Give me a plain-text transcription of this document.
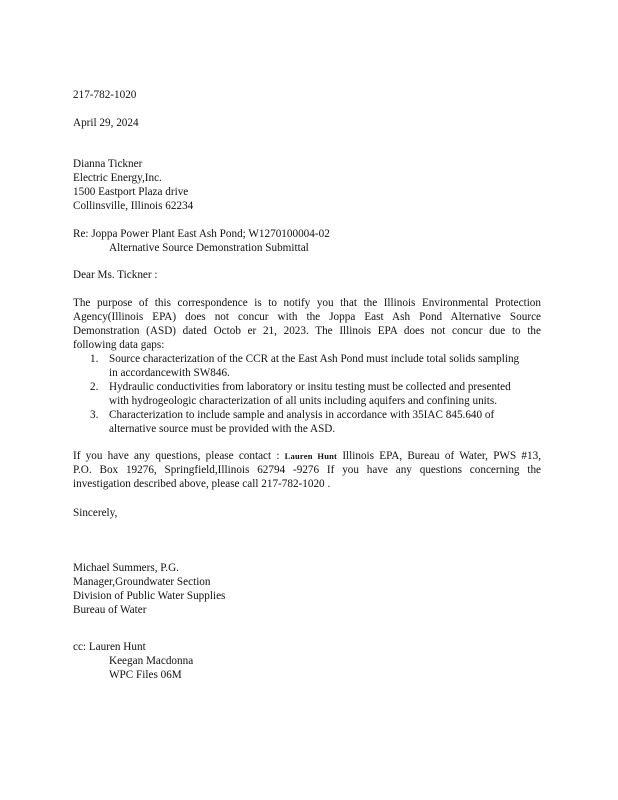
217-782-1020
April 29, 2024
Dianna Tickner
Electric Energy,Inc.
1500 Eastport Plaza drive
Collinsville, Illinois 62234
Re: Joppa Power Plant East Ash Pond; W1270100004-02
Alternative Source Demonstration Submittal
Dear Ms. Tickner :
The purpose of this correspondence is to notify you that the Illinois Environmental Protection
Agency(Illinois EPA) does not concur with the Joppa East Ash Pond Alternative Source
Demonstration (ASD) dated Octob er 21, 2023. The Illinois EPA does not concur due to the
following data gaps:
1. Source characterization of the CCR at the East Ash Pond must include total solids sampling
in accordancewith SW846.
2. Hydraulic conductivities from laboratory or insitu testing must be collected and presented
with hydrogeologic characterization of all units including aquifers and confining units.
3. Characterization to include sample and analysis in accordance with 35IAC 845.640 of
alternative source must be provided with the ASD.
If you have any questions, please contact : Lauren Hunt Illinois EPA, Bureau of Water, PWS #13,
P.O. Box 19276, Springfield,Illinois 62794 -9276 If you have any questions concerning the
investigation described above, please call 217-782-1020 .
Sincerely,
Michael Summers, P.G.
Manager,Groundwater Section
Division of Public Water Supplies
Bureau of Water
cc: Lauren Hunt
Keegan Macdonna
WPC Files 06M
